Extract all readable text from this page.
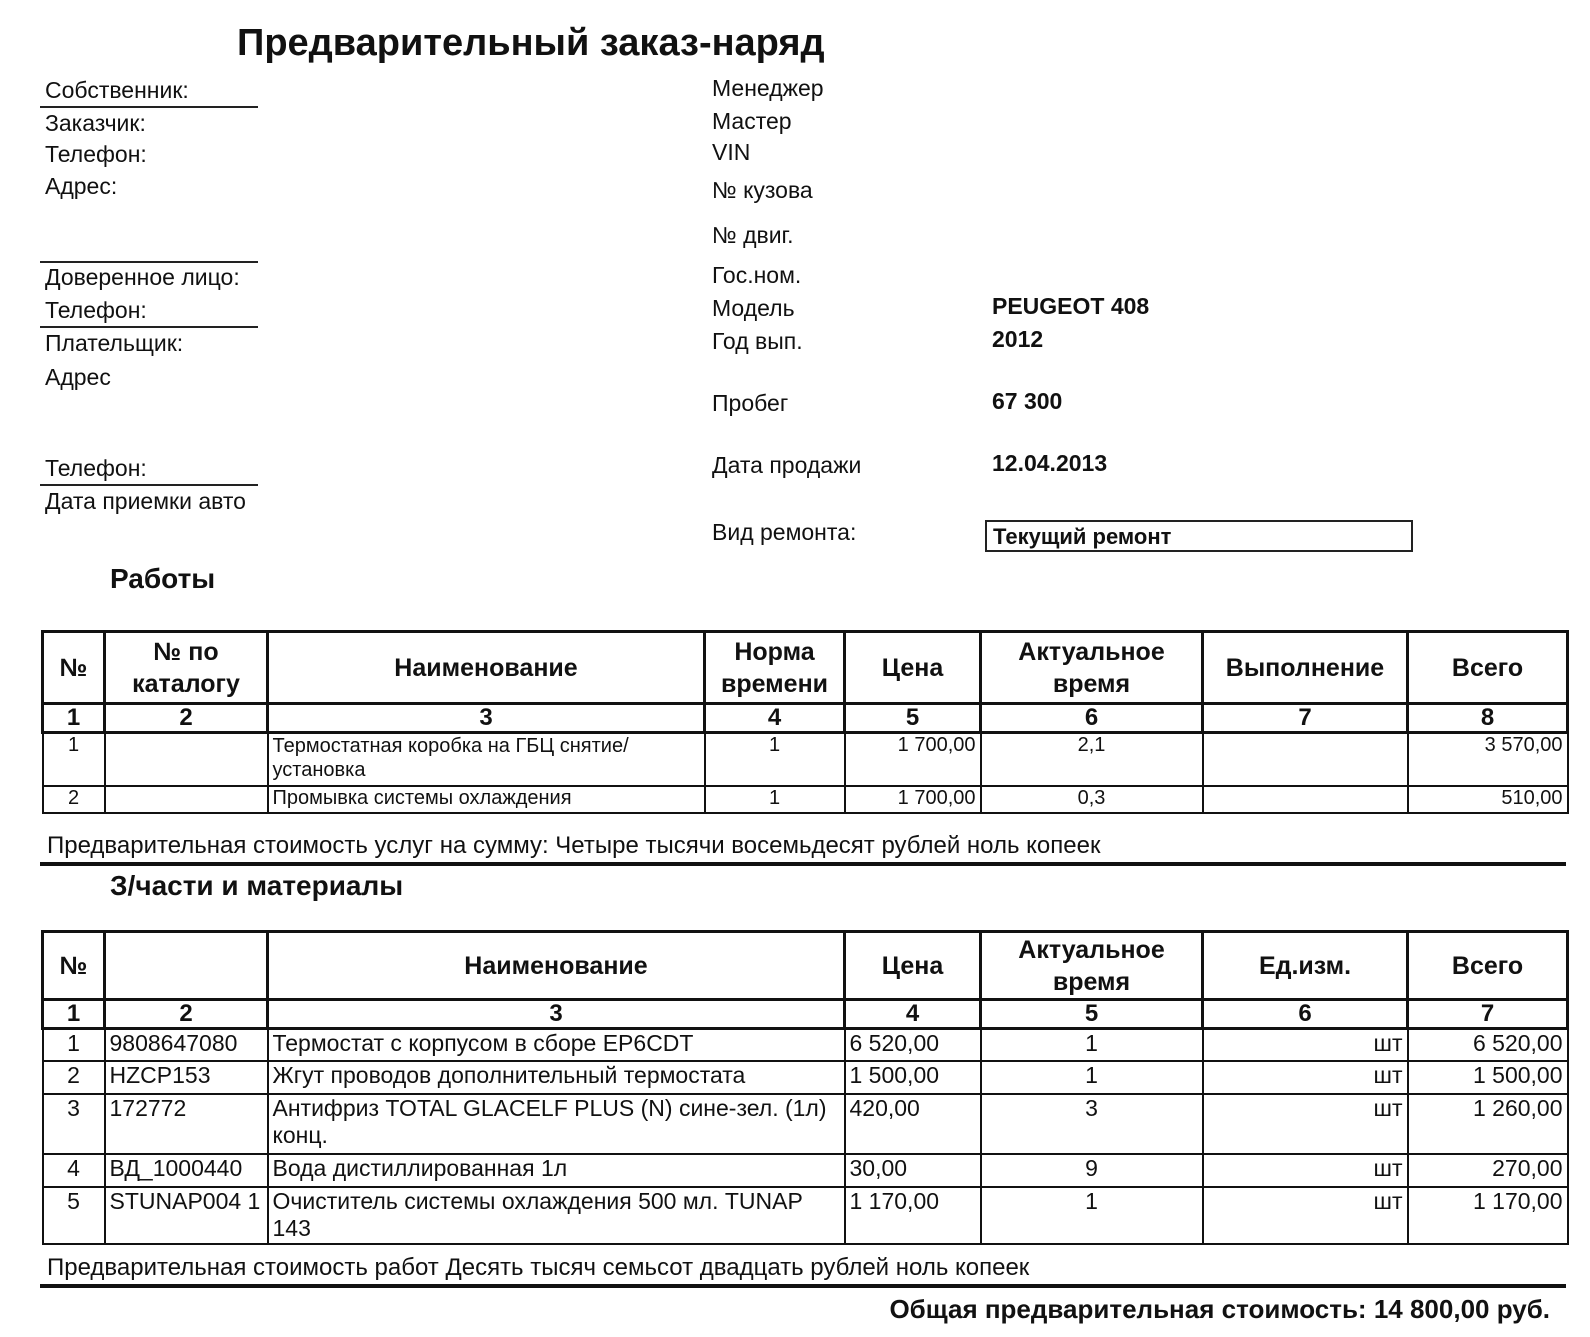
Предварительный заказ-наряд
Собственник:
Заказчик:
Телефон:
Адрес:
Доверенное лицо:
Телефон:
Плательщик:
Адрес
Телефон:
Дата приемки авто
Менеджер
Мастер
VIN
№ кузова
№ двиг.
Гос.ном.
Модель	PEUGEOT 408
Год вып.	2012
Пробег	67 300
Дата продажи	12.04.2013
Вид ремонта:	Текущий ремонт
Работы
№	№ по каталогу	Наименование	Норма времени	Цена	Актуальное время	Выполнение	Всего
1	2	3	4	5	6	7	8
1		Термостатная коробка на ГБЦ снятие/установка	1	1 700,00	2,1		3 570,00
2		Промывка системы охлаждения	1	1 700,00	0,3		510,00
Предварительная стоимость услуг на сумму: Четыре тысячи восемьдесят рублей ноль копеек
З/части и материалы
№		Наименование	Цена	Актуальное время	Ед.изм.	Всего
1	2	3	4	5	6	7
1	9808647080	Термостат с корпусом в сборе EP6CDT	6 520,00	1	шт	6 520,00
2	HZCP153	Жгут проводов дополнительный термостата	1 500,00	1	шт	1 500,00
3	172772	Антифриз TOTAL GLACELF PLUS (N) сине-зел. (1л) конц.	420,00	3	шт	1 260,00
4	ВД_1000440	Вода дистиллированная 1л	30,00	9	шт	270,00
5	STUNAP004 1	Очиститель системы охлаждения 500 мл. TUNAP 143	1 170,00	1	шт	1 170,00
Предварительная стоимость работ Десять тысяч семьсот двадцать рублей ноль копеек
Общая предварительная стоимость: 14 800,00 руб.
